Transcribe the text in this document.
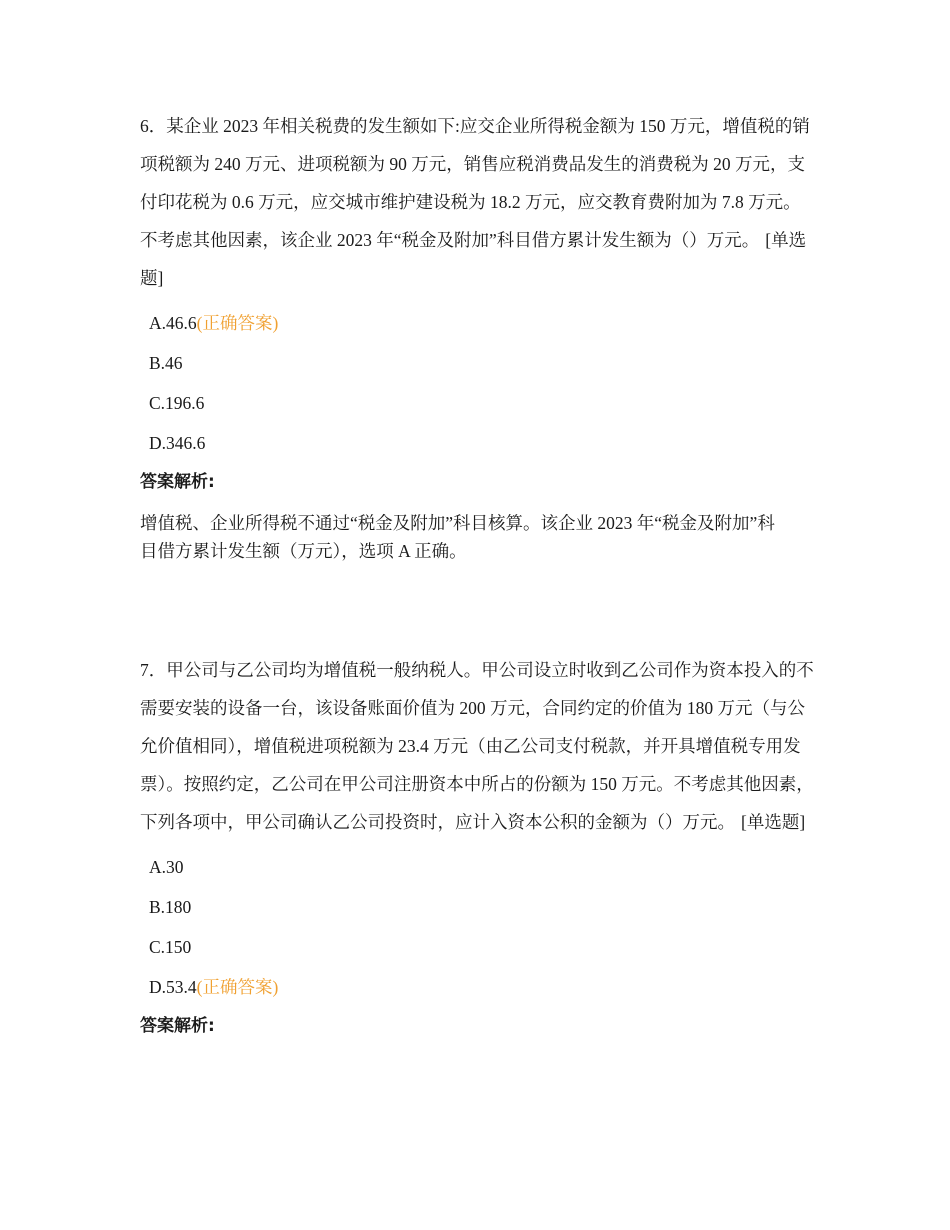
6．某企业 2023 年相关税费的发生额如下:应交企业所得税金额为 150 万元，增值税的销项税额为 240 万元、进项税额为 90 万元，销售应税消费品发生的消费税为 20 万元，支付印花税为 0.6 万元，应交城市维护建设税为 18.2 万元，应交教育费附加为 7.8 万元。不考虑其他因素，该企业 2023 年“税金及附加”科目借方累计发生额为（）万元。 [单选题]

A.46.6(正确答案)
B.46
C.196.6
D.346.6
答案解析:

增值税、企业所得税不通过“税金及附加”科目核算。该企业 2023 年“税金及附加”科目借方累计发生额（万元），选项 A 正确。

7．甲公司与乙公司均为增值税一般纳税人。甲公司设立时收到乙公司作为资本投入的不需要安装的设备一台，该设备账面价值为 200 万元，合同约定的价值为 180 万元（与公允价值相同），增值税进项税额为 23.4 万元（由乙公司支付税款，并开具增值税专用发票）。按照约定，乙公司在甲公司注册资本中所占的份额为 150 万元。不考虑其他因素，下列各项中，甲公司确认乙公司投资时，应计入资本公积的金额为（）万元。 [单选题]

A.30
B.180
C.150
D.53.4(正确答案)
答案解析:
